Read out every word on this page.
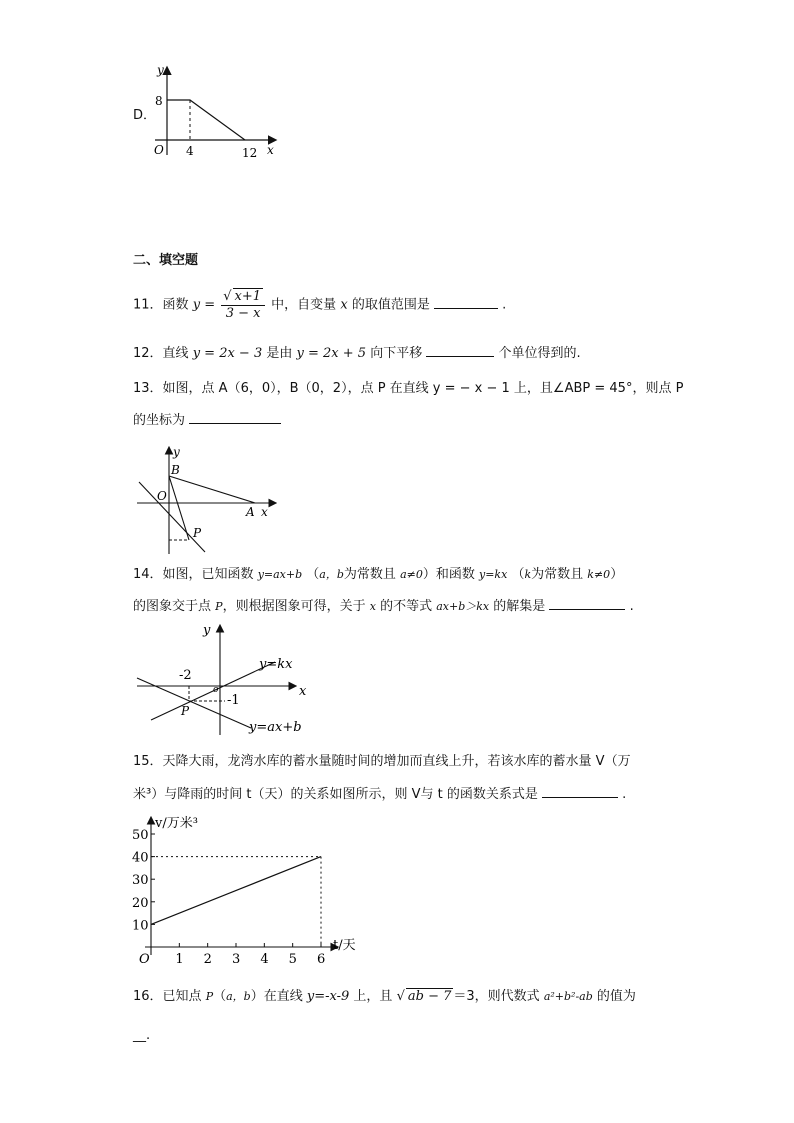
D．
y
8
O 4	12 x
二、填空题
11．函数 $y = \frac{√ x+1}{3 - x}$ 中，自变量 x 的取值范围是	.
12．直线 y = 2x − 3 是由 y = 2x + 5 向下平移	个单位得到的.
13．如图，点 A（6，0），B（0，2），点 P 在直线 y = − x − 1 上，且∠ABP = 45°，则点 P
的坐标为
y
B
O
A x
P
14．如图，已知函数 y=ax+b （a，b为常数且 a≠0）和函数 y=kx （k为常数且 k≠0）
的图象交于点 P，则根据图象可得，关于 x 的不等式 ax+b＞kx 的解集是	.
y
-2
o
-1
P
y=kx
y=ax+b
x
15．天降大雨，龙湾水库的蓄水量随时间的增加而直线上升，若该水库的蓄水量 V（万
米³）与降雨的时间 t（天）的关系如图所示，则 V与 t 的函数关系式是	.
1 2 3 4 5 6
10
20
30
40
50
O
v/万米³
t/天
16．已知点 P（a，b）在直线 y=-x-9 上，且 √ ab − 7 ＝3，则代数式 a²+b²-ab 的值为
__.
